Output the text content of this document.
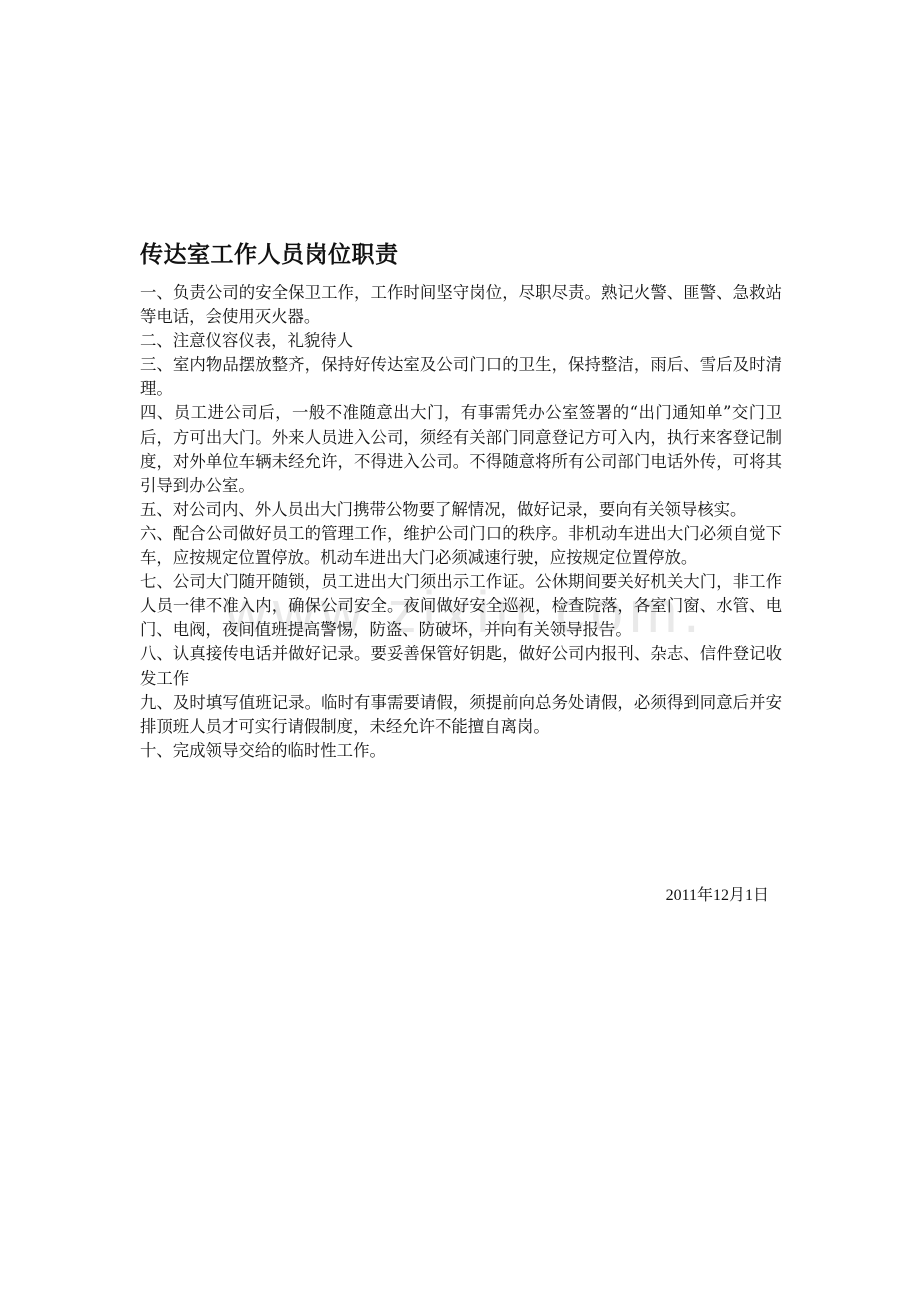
www.zixin.com
传达室工作人员岗位职责

一、负责公司的安全保卫工作，工作时间坚守岗位，尽职尽责。熟记火警、匪警、急救站等电话，会使用灭火器。

二、注意仪容仪表，礼貌待人

三、室内物品摆放整齐，保持好传达室及公司门口的卫生，保持整洁，雨后、雪后及时清理。

四、员工进公司后，一般不准随意出大门，有事需凭办公室签署的“出门通知单”交门卫后，方可出大门。外来人员进入公司，须经有关部门同意登记方可入内，执行来客登记制度，对外单位车辆未经允许，不得进入公司。不得随意将所有公司部门电话外传，可将其引导到办公室。

五、对公司内、外人员出大门携带公物要了解情况，做好记录，要向有关领导核实。

六、配合公司做好员工的管理工作，维护公司门口的秩序。非机动车进出大门必须自觉下车，应按规定位置停放。机动车进出大门必须减速行驶，应按规定位置停放。

七、公司大门随开随锁，员工进出大门须出示工作证。公休期间要关好机关大门，非工作人员一律不准入内，确保公司安全。夜间做好安全巡视，检查院落，各室门窗、水管、电门、电阀，夜间值班提高警惕，防盗、防破坏，并向有关领导报告。

八、认真接传电话并做好记录。要妥善保管好钥匙，做好公司内报刊、杂志、信件登记收发工作

九、及时填写值班记录。临时有事需要请假，须提前向总务处请假，必须得到同意后并安排顶班人员才可实行请假制度，未经允许不能擅自离岗。

十、完成领导交给的临时性工作。

2011年12月1日
